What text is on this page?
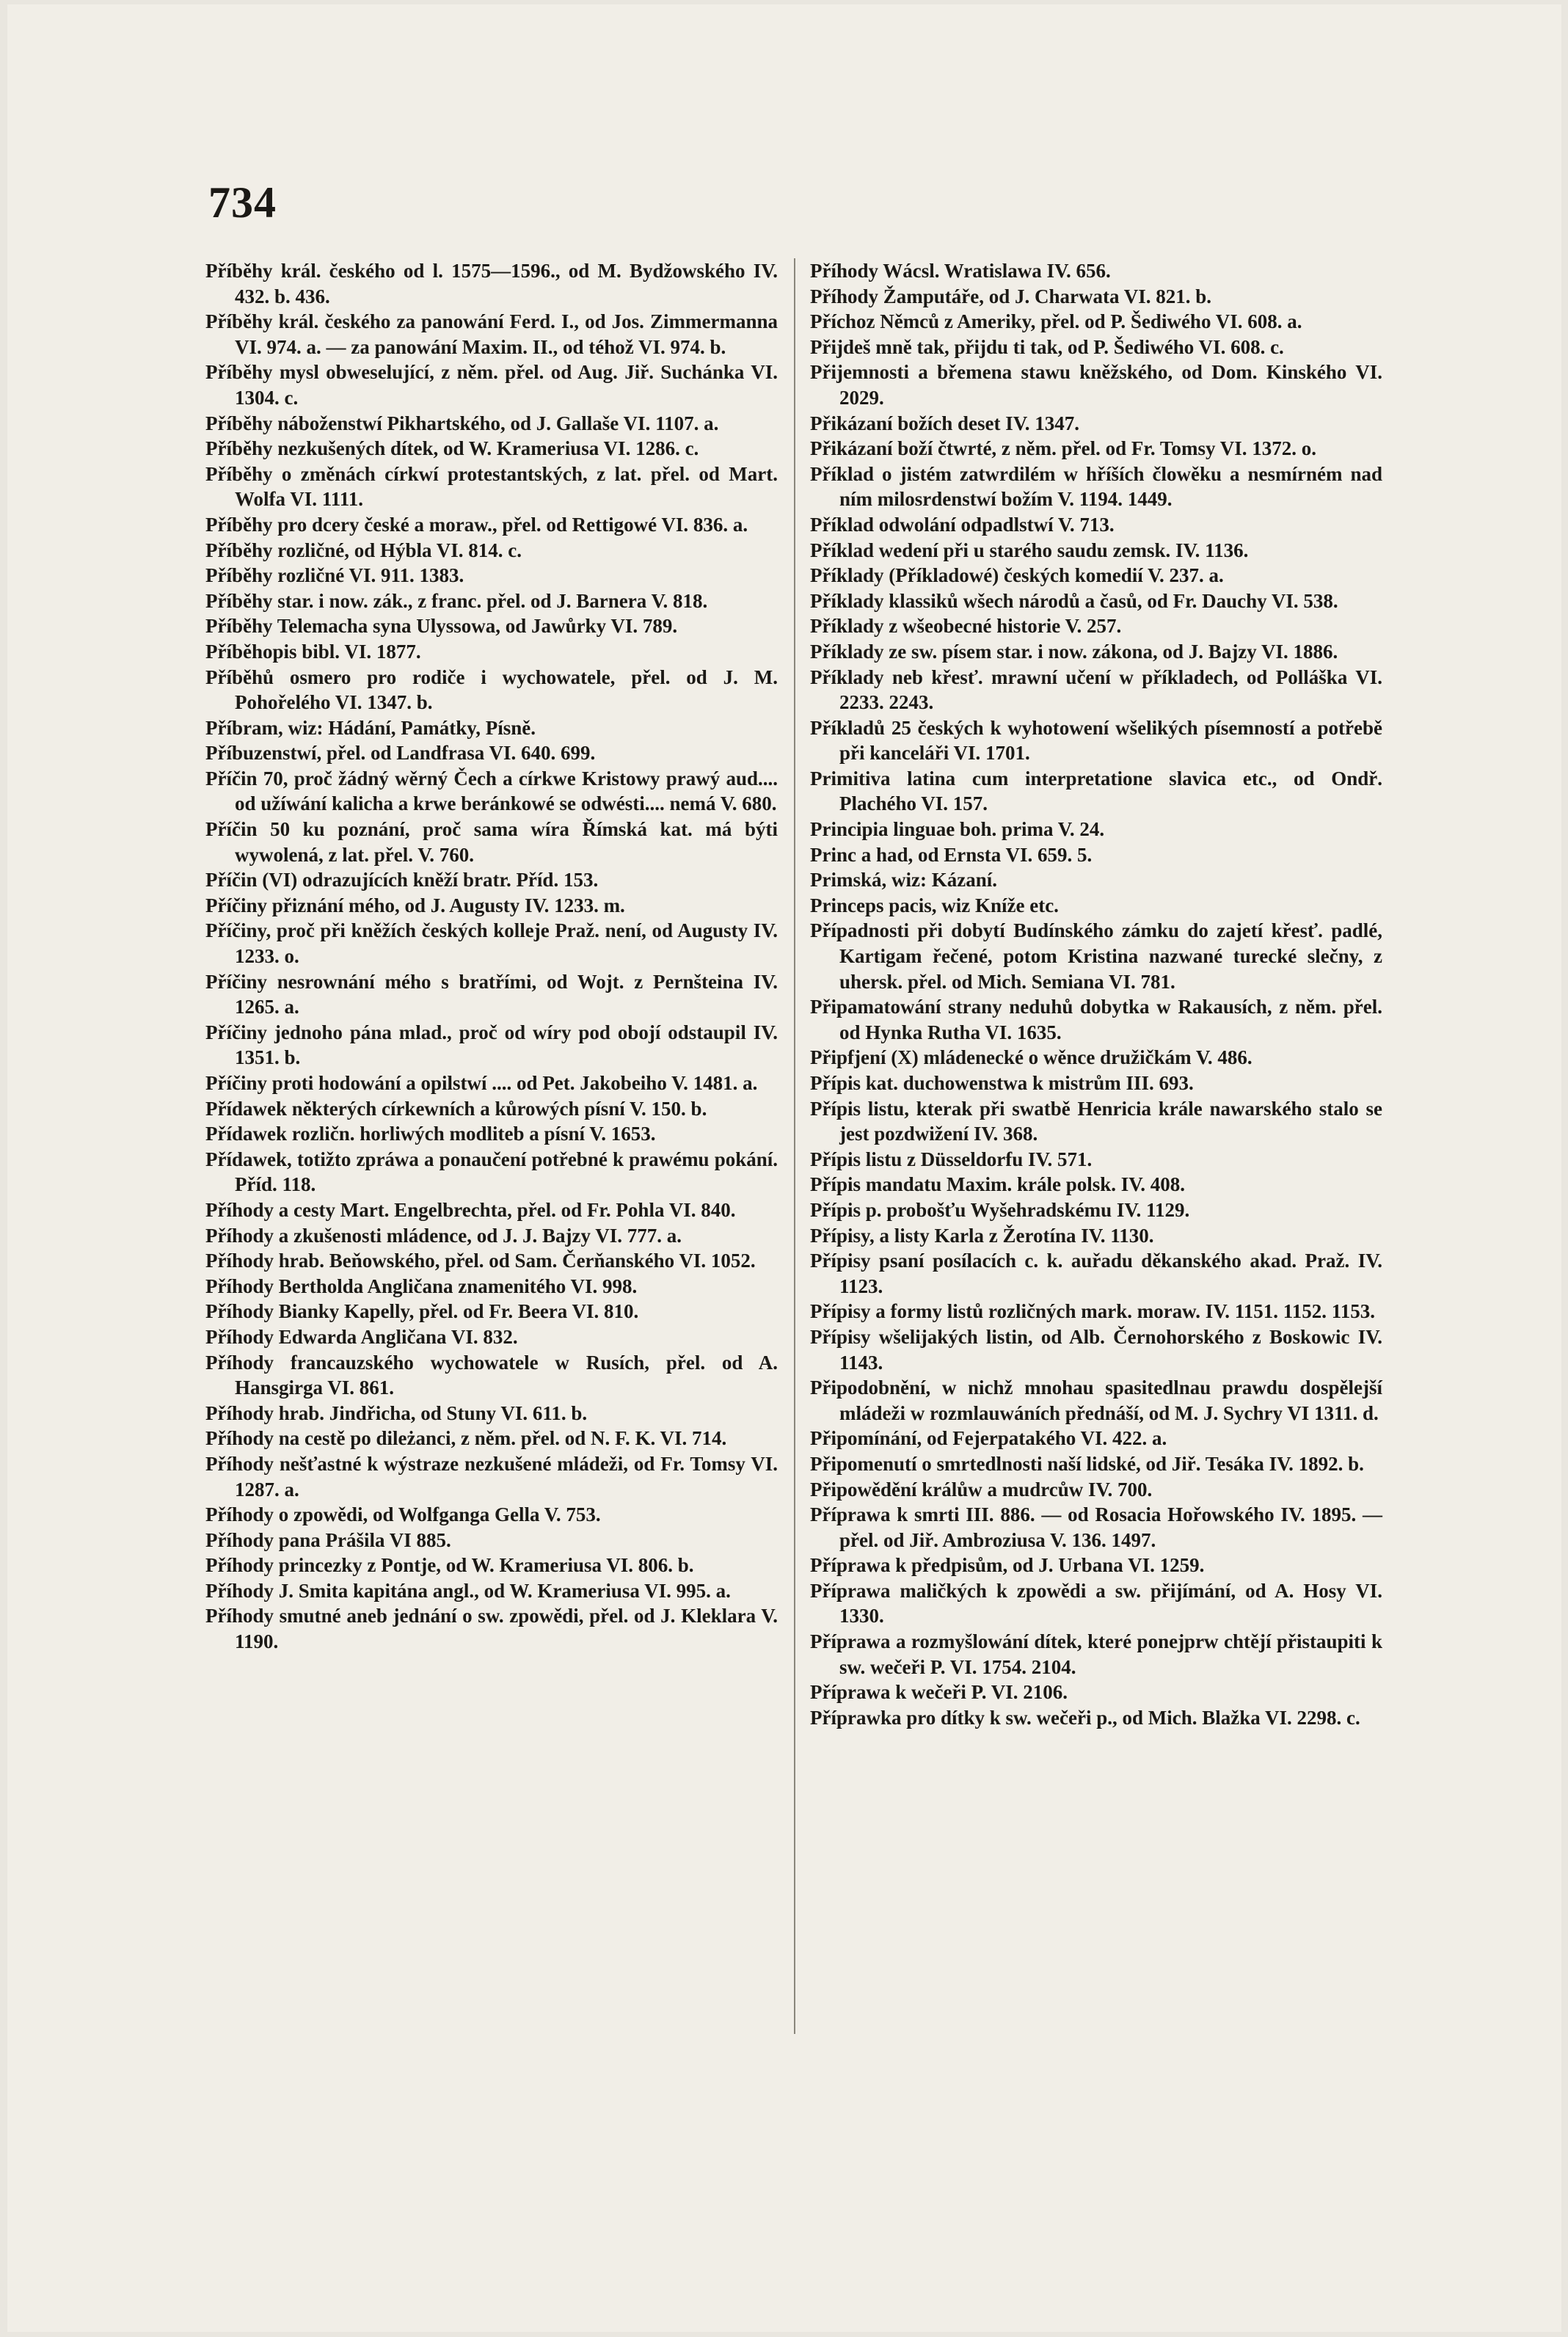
734

Příběhy král. českého od l. 1575—1596., od M. Bydžowského IV. 432. b. 436.

Příběhy král. českého za panowání Ferd. I., od Jos. Zimmermanna VI. 974. a. — za panowání Maxim. II., od téhož VI. 974. b.

Příběhy mysl obweselující, z něm. přel. od Aug. Jiř. Suchánka VI. 1304. c.

Příběhy náboženstwí Pikhartského, od J. Gallaše VI. 1107. a.

Příběhy nezkušených dítek, od W. Krameriusa VI. 1286. c.

Příběhy o změnách církwí protestantských, z lat. přel. od Mart. Wolfa VI. 1111.

Příběhy pro dcery české a moraw., přel. od Rettigowé VI. 836. a.

Příběhy rozličné, od Hýbla VI. 814. c.

Příběhy rozličné VI. 911. 1383.

Příběhy star. i now. zák., z franc. přel. od J. Barnera V. 818.

Příběhy Telemacha syna Ulyssowa, od Jawůrky VI. 789.

Příběhopis bibl. VI. 1877.

Příběhů osmero pro rodiče i wychowatele, přel. od J. M. Pohořelého VI. 1347. b.

Příbram, wiz: Hádání, Památky, Písně.

Příbuzenstwí, přel. od Landfrasa VI. 640. 699.

Příčin 70, proč žádný wěrný Čech a církwe Kristowy prawý aud.... od užíwání kalicha a krwe beránkowé se odwésti.... nemá V. 680.

Příčin 50 ku poznání, proč sama wíra Římská kat. má býti wywolená, z lat. přel. V. 760.

Příčin (VI) odrazujících kněží bratr. Příd. 153.

Příčiny přiznání mého, od J. Augusty IV. 1233. m.

Příčiny, proč při kněžích českých kolleje Praž. není, od Augusty IV. 1233. o.

Příčiny nesrownání mého s bratřími, od Wojt. z Pernšteina IV. 1265. a.

Příčiny jednoho pána mlad., proč od wíry pod obojí odstaupil IV. 1351. b.

Příčiny proti hodowání a opilstwí .... od Pet. Jakobeiho V. 1481. a.

Přídawek některých církewních a kůrowých písní V. 150. b.

Přídawek rozličn. horliwých modliteb a písní V. 1653.

Přídawek, totižto zpráwa a ponaučení potřebné k prawému pokání. Příd. 118.

Příhody a cesty Mart. Engelbrechta, přel. od Fr. Pohla VI. 840.

Příhody a zkušenosti mládence, od J. J. Bajzy VI. 777. a.

Příhody hrab. Beňowského, přel. od Sam. Čerňanského VI. 1052.

Příhody Bertholda Angličana znamenitého VI. 998.

Příhody Bianky Kapelly, přel. od Fr. Beera VI. 810.

Příhody Edwarda Angličana VI. 832.

Příhody francauzského wychowatele w Rusích, přel. od A. Hansgirga VI. 861.

Příhody hrab. Jindřicha, od Stuny VI. 611. b.

Příhody na cestě po dileżanci, z něm. přel. od N. F. K. VI. 714.

Příhody nešťastné k wýstraze nezkušené mládeži, od Fr. Tomsy VI. 1287. a.

Příhody o zpowědi, od Wolfganga Gella V. 753.

Příhody pana Prášila VI 885.

Příhody princezky z Pontje, od W. Krameriusa VI. 806. b.

Příhody J. Smita kapitána angl., od W. Krameriusa VI. 995. a.

Příhody smutné aneb jednání o sw. zpowědi, přel. od J. Kleklara V. 1190.

Příhody Wácsl. Wratislawa IV. 656.

Příhody Žamputáře, od J. Charwata VI. 821. b.

Příchoz Němců z Ameriky, přel. od P. Šediwého VI. 608. a.

Přijdeš mně tak, přijdu ti tak, od P. Šediwého VI. 608. c.

Přijemnosti a břemena stawu kněžského, od Dom. Kinského VI. 2029.

Přikázaní božích deset IV. 1347.

Přikázaní boží čtwrté, z něm. přel. od Fr. Tomsy VI. 1372. o.

Příklad o jistém zatwrdilém w hříších člowěku a nesmírném nad ním milosrdenstwí božím V. 1194. 1449.

Příklad odwolání odpadlstwí V. 713.

Příklad wedení při u starého saudu zemsk. IV. 1136.

Příklady (Příkladowé) českých komedií V. 237. a.

Příklady klassiků wšech národů a časů, od Fr. Dauchy VI. 538.

Příklady z wšeobecné historie V. 257.

Příklady ze sw. písem star. i now. zákona, od J. Bajzy VI. 1886.

Příklady neb křesť. mrawní učení w příkladech, od Polláška VI. 2233. 2243.

Příkladů 25 českých k wyhotowení wšelikých písemností a potřebě při kanceláři VI. 1701.

Primitiva latina cum interpretatione slavica etc., od Ondř. Plachého VI. 157.

Principia linguae boh. prima V. 24.

Princ a had, od Ernsta VI. 659. 5.

Primská, wiz: Kázaní.

Princeps pacis, wiz Kníže etc.

Případnosti při dobytí Budínského zámku do zajetí křesť. padlé, Kartigam řečené, potom Kristina nazwané turecké slečny, z uhersk. přel. od Mich. Semiana VI. 781.

Připamatowání strany neduhů dobytka w Rakausích, z něm. přel. od Hynka Rutha VI. 1635.

Připfjení (X) mládenecké o wěnce družičkám V. 486.

Přípis kat. duchowenstwa k mistrům III. 693.

Přípis listu, kterak při swatbě Henricia krále nawarského stalo se jest pozdwižení IV. 368.

Přípis listu z Düsseldorfu IV. 571.

Přípis mandatu Maxim. krále polsk. IV. 408.

Přípis p. probošťu Wyšehradskému IV. 1129.

Přípisy, a listy Karla z Žerotína IV. 1130.

Přípisy psaní posílacích c. k. auřadu děkanského akad. Praž. IV. 1123.

Přípisy a formy listů rozličných mark. moraw. IV. 1151. 1152. 1153.

Přípisy wšelijakých listin, od Alb. Černohorského z Boskowic IV. 1143.

Připodobnění, w nichž mnohau spasitedlnau prawdu dospělejší mládeži w rozmlauwáních přednáší, od M. J. Sychry VI 1311. d.

Připomínání, od Fejerpatakého VI. 422. a.

Připomenutí o smrtedlnosti naší lidské, od Jiř. Tesáka IV. 1892. b.

Připowědění králůw a mudrcůw IV. 700.

Příprawa k smrti III. 886. — od Rosacia Hořowského IV. 1895. — přel. od Jiř. Ambroziusa V. 136. 1497.

Příprawa k předpisům, od J. Urbana VI. 1259.

Příprawa maličkých k zpowědi a sw. přijímání, od A. Hosy VI. 1330.

Příprawa a rozmyšlowání dítek, které ponejprw chtějí přistaupiti k sw. wečeři P. VI. 1754. 2104.

Příprawa k wečeři P. VI. 2106.

Příprawka pro dítky k sw. wečeři p., od Mich. Blažka VI. 2298. c.
